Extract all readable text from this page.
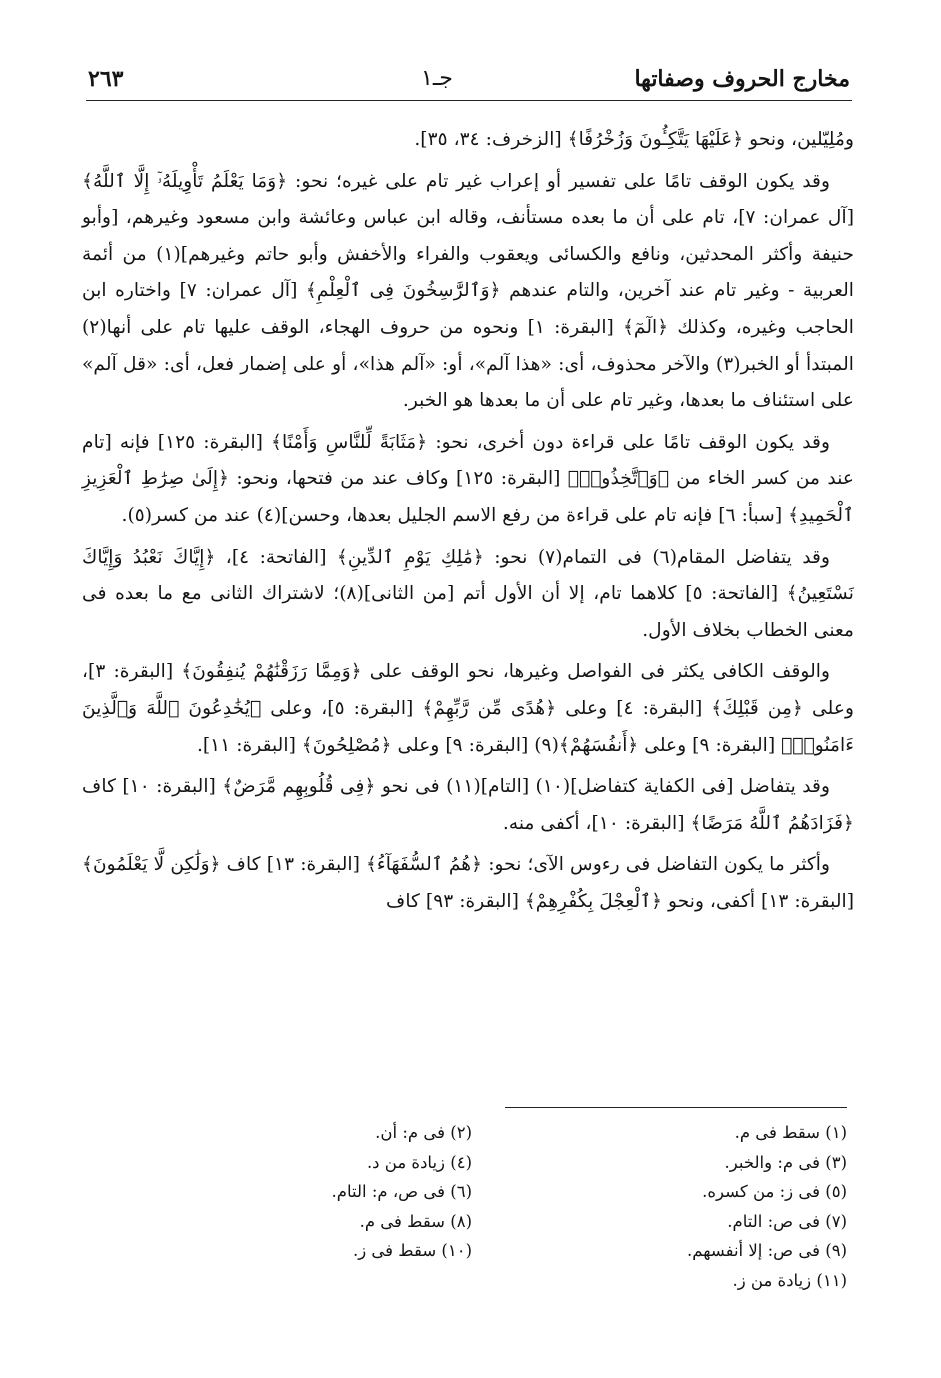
مخارج الحروف وصفاتها
جـ١
٢٦٣

ومُلِيّلين، ونحو ﴿عَلَيْهَا يَتَّكِـُٔونَ وَزُخْرُفًا﴾ [الزخرف: ٣٤، ٣٥].

وقد يكون الوقف تامًا على تفسير أو إعراب غير تام على غيره؛ نحو: ﴿وَمَا يَعْلَمُ تَأْوِيلَهُۥٓ إِلَّا ٱللَّهُ﴾ [آل عمران: ٧]، تام على أن ما بعده مستأنف، وقاله ابن عباس وعائشة وابن مسعود وغيرهم، [وأبو حنيفة وأكثر المحدثين، ونافع والكسائى ويعقوب والفراء والأخفش وأبو حاتم وغيرهم](١) من أئمة العربية - وغير تام عند آخرين، والتام عندهم ﴿وَٱلرَّٰسِخُونَ فِى ٱلْعِلْمِ﴾ [آل عمران: ٧] واختاره ابن الحاجب وغيره، وكذلك ﴿الٓمٓ﴾ [البقرة: ١] ونحوه من حروف الهجاء، الوقف عليها تام على أنها(٢) المبتدأ أو الخبر(٣) والآخر محذوف، أى: «هذا آلم»، أو: «آلم هذا»، أو على إضمار فعل، أى: «قل آلم» على استئناف ما بعدها، وغير تام على أن ما بعدها هو الخبر.

وقد يكون الوقف تامًا على قراءة دون أخرى، نحو: ﴿مَثَابَةً لِّلنَّاسِ وَأَمْنًا﴾ [البقرة: ١٢٥] فإنه [تام عند من كسر الخاء من ﴿وَٱتَّخِذُوا۟﴾ [البقرة: ١٢٥] وكاف عند من فتحها، ونحو: ﴿إِلَىٰ صِرَٰطِ ٱلْعَزِيزِ ٱلْحَمِيدِ﴾ [سبأ: ٦] فإنه تام على قراءة من رفع الاسم الجليل بعدها، وحسن](٤) عند من كسر(٥).

وقد يتفاضل المقام(٦) فى التمام(٧) نحو: ﴿مَٰلِكِ يَوْمِ ٱلدِّينِ﴾ [الفاتحة: ٤]، ﴿إِيَّاكَ نَعْبُدُ وَإِيَّاكَ نَسْتَعِينُ﴾ [الفاتحة: ٥] كلاهما تام، إلا أن الأول أتم [من الثانى](٨)؛ لاشتراك الثانى مع ما بعده فى معنى الخطاب بخلاف الأول.

والوقف الكافى يكثر فى الفواصل وغيرها، نحو الوقف على ﴿وَمِمَّا رَزَقْنَٰهُمْ يُنفِقُونَ﴾ [البقرة: ٣]، وعلى ﴿مِن قَبْلِكَ﴾ [البقرة: ٤] وعلى ﴿هُدًى مِّن رَّبِّهِمْ﴾ [البقرة: ٥]، وعلى ﴿يُخَٰدِعُونَ ٱللَّهَ وَٱلَّذِينَ ءَامَنُوا۟﴾ [البقرة: ٩] وعلى ﴿أَنفُسَهُمْ﴾(٩) [البقرة: ٩] وعلى ﴿مُصْلِحُونَ﴾ [البقرة: ١١].

وقد يتفاضل [فى الكفاية كتفاضل](١٠) [التام](١١) فى نحو ﴿فِى قُلُوبِهِم مَّرَضٌ﴾ [البقرة: ١٠] كاف ﴿فَزَادَهُمُ ٱللَّهُ مَرَضًا﴾ [البقرة: ١٠]، أكفى منه.

وأكثر ما يكون التفاضل فى رءوس الآى؛ نحو: ﴿هُمُ ٱلسُّفَهَآءُ﴾ [البقرة: ١٣] كاف ﴿وَلَٰكِن لَّا يَعْلَمُونَ﴾ [البقرة: ١٣] أكفى، ونحو ﴿ٱلْعِجْلَ بِكُفْرِهِمْ﴾ [البقرة: ٩٣] كاف

(١) سقط فى م.
(٣) فى م: والخبر.
(٥) فى ز: من كسره.
(٧) فى ص: التام.
(٩) فى ص: إلا أنفسهم.
(١١) زيادة من ز.
(٢) فى م: أن.
(٤) زيادة من د.
(٦) فى ص، م: التام.
(٨) سقط فى م.
(١٠) سقط فى ز.
